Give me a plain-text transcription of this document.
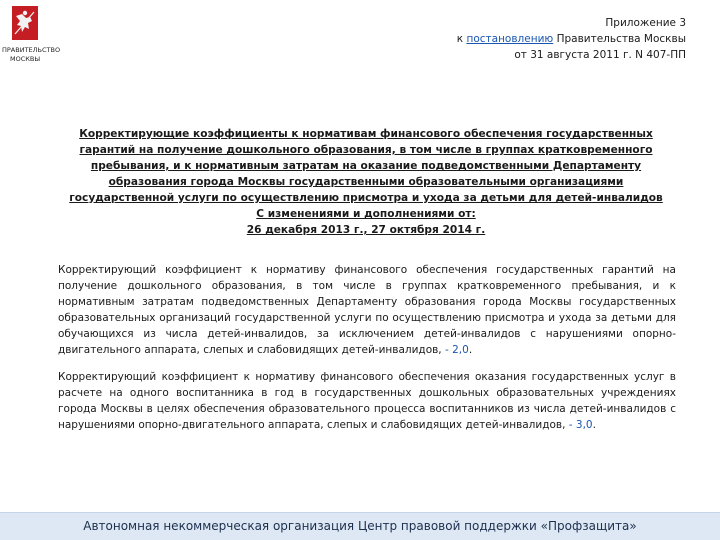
ПРАВИТЕЛЬСТВО
МОСКВЫ
Приложение 3
к постановлению Правительства Москвы
от 31 августа 2011 г. N 407-ПП
Корректирующие коэффициенты к нормативам финансового обеспечения государственных гарантий на получение дошкольного образования, в том числе в группах кратковременного пребывания, и к нормативным затратам на оказание подведомственными Департаменту образования города Москвы государственными образовательными организациями государственной услуги по осуществлению присмотра и ухода за детьми для детей-инвалидов
С изменениями и дополнениями от:
26 декабря 2013 г., 27 октября 2014 г.
Корректирующий коэффициент к нормативу финансового обеспечения государственных гарантий на получение дошкольного образования, в том числе в группах кратковременного пребывания, и к нормативным затратам подведомственных Департаменту образования города Москвы государственных образовательных организаций государственной услуги по осуществлению присмотра и ухода за детьми для обучающихся из числа детей-инвалидов, за исключением детей-инвалидов с нарушениями опорно-двигательного аппарата, слепых и слабовидящих детей-инвалидов, - 2,0.
Корректирующий коэффициент к нормативу финансового обеспечения оказания государственных услуг в расчете на одного воспитанника в год в государственных дошкольных образовательных учреждениях города Москвы в целях обеспечения образовательного процесса воспитанников из числа детей-инвалидов с нарушениями опорно-двигательного аппарата, слепых и слабовидящих детей-инвалидов, - 3,0.
Автономная некоммерческая организация Центр правовой поддержки «Профзащита»
